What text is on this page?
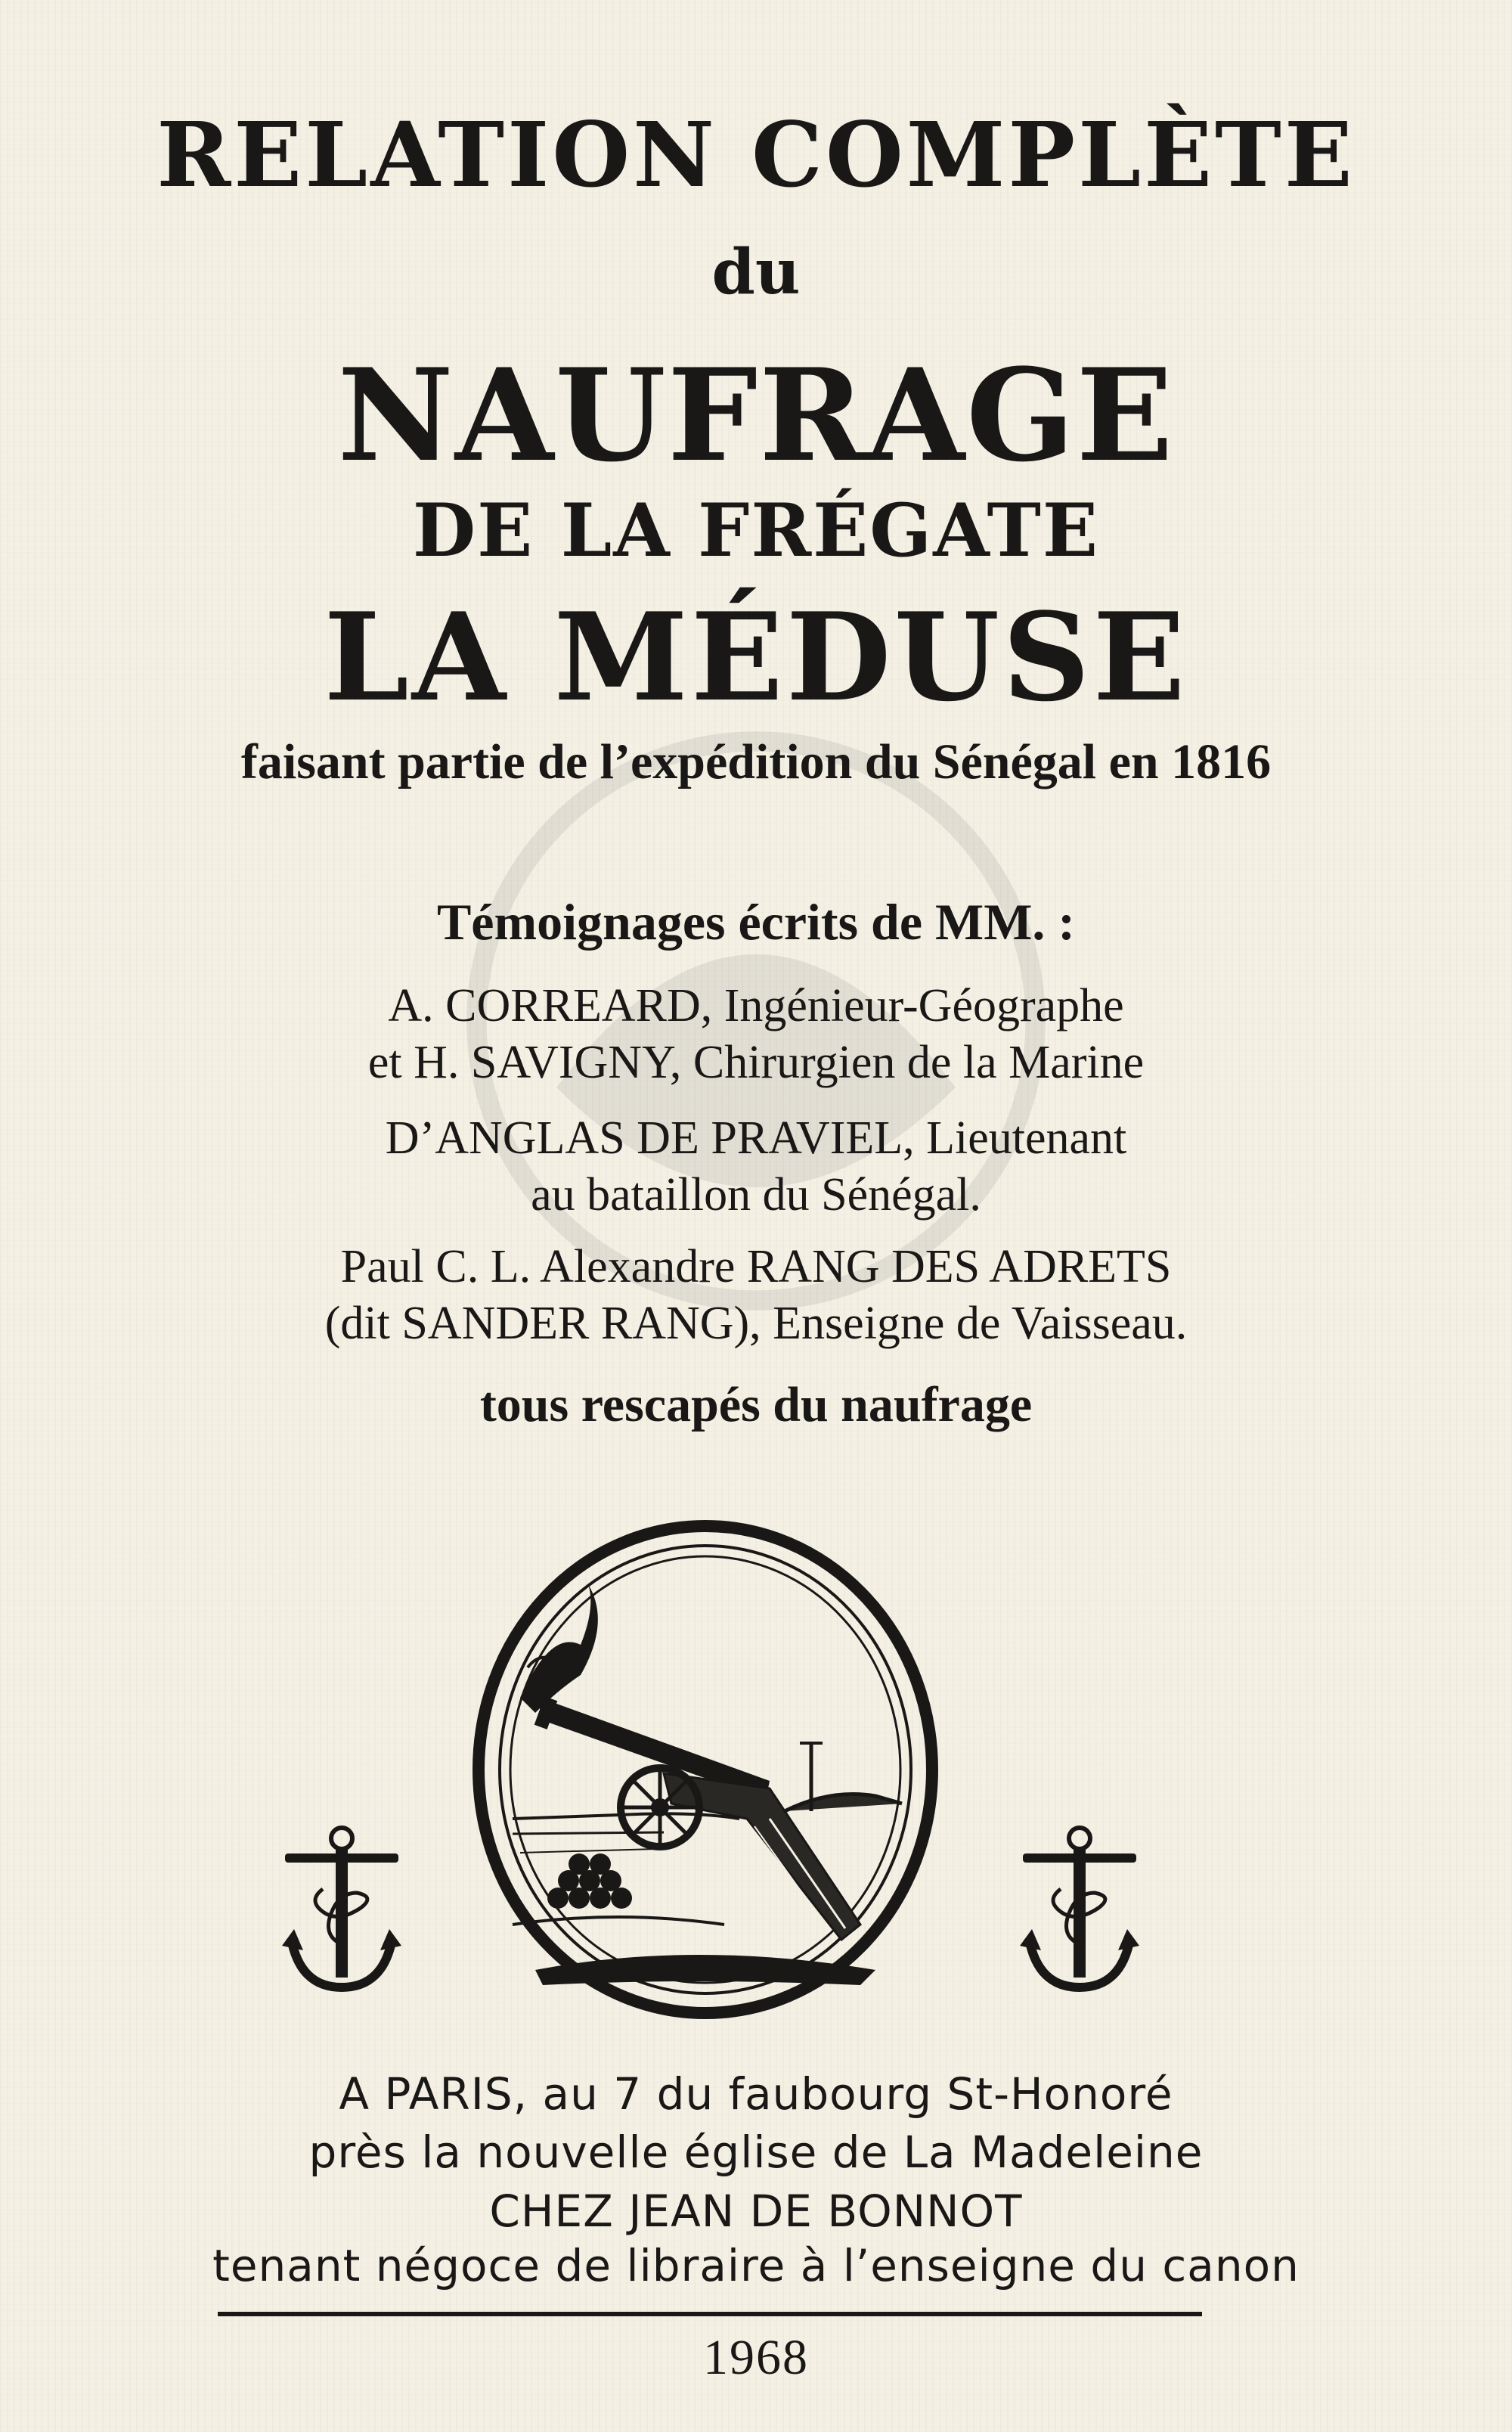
RELATION COMPLÈTE
du
NAUFRAGE
DE LA FRÉGATE
LA MÉDUSE
faisant partie de l’expédition du Sénégal en 1816
Témoignages écrits de MM. :
A. CORREARD, Ingénieur-Géographe
et H. SAVIGNY, Chirurgien de la Marine
D’ANGLAS DE PRAVIEL, Lieutenant
au bataillon du Sénégal.
Paul C. L. Alexandre RANG DES ADRETS
(dit SANDER RANG), Enseigne de Vaisseau.
tous rescapés du naufrage
A PARIS, au 7 du faubourg St-Honoré
près la nouvelle église de La Madeleine
CHEZ JEAN DE BONNOT
tenant négoce de libraire à l’enseigne du canon
1968
